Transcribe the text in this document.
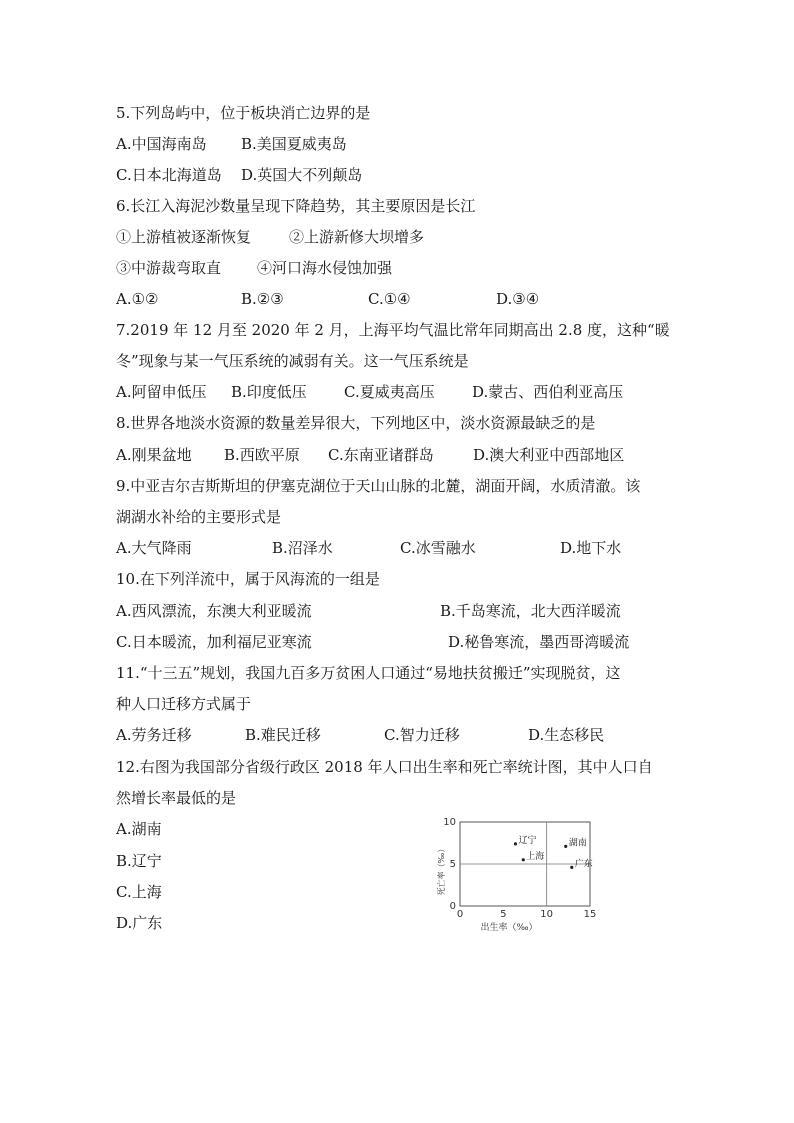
5.下列岛屿中，位于板块消亡边界的是
A.中国海南岛 B.美国夏威夷岛
C.日本北海道岛 D.英国大不列颠岛
6.长江入海泥沙数量呈现下降趋势，其主要原因是长江
①上游植被逐渐恢复	②上游新修大坝增多
③中游裁弯取直 ④河口海水侵蚀加强
A.①②	B.②③	C.①④	D.③④
7.2019 年 12 月至 2020 年 2 月，上海平均气温比常年同期高出 2.8 度，这种“暖
冬”现象与某一气压系统的减弱有关。这一气压系统是
A.阿留申低压 B.印度低压 C.夏威夷高压 D.蒙古、西伯利亚高压
8.世界各地淡水资源的数量差异很大，下列地区中，淡水资源最缺乏的是
A.刚果盆地 B.西欧平原 C.东南亚诸群岛	D.澳大利亚中西部地区
9.中亚吉尔吉斯斯坦的伊塞克湖位于天山山脉的北麓，湖面开阔，水质清澈。该
湖湖水补给的主要形式是
A.大气降雨	B.沼泽水	C.冰雪融水	D.地下水
10.在下列洋流中，属于风海流的一组是
A.西风漂流，东澳大利亚暖流	B.千岛寒流，北大西洋暖流
C.日本暖流，加利福尼亚寒流	D.秘鲁寒流，墨西哥湾暖流
11.“十三五”规划，我国九百多万贫困人口通过“易地扶贫搬迁”实现脱贫，这
种人口迁移方式属于
A.劳务迁移	B.难民迁移	C.智力迁移	D.生态移民
12.右图为我国部分省级行政区 2018 年人口出生率和死亡率统计图，其中人口自
然增长率最低的是
A.湖南
B.辽宁
C.上海
D.广东	0	5	10	15
0
5
10
出生率（‰）
死亡率（‰）
辽宁
上海
湖南
广东
